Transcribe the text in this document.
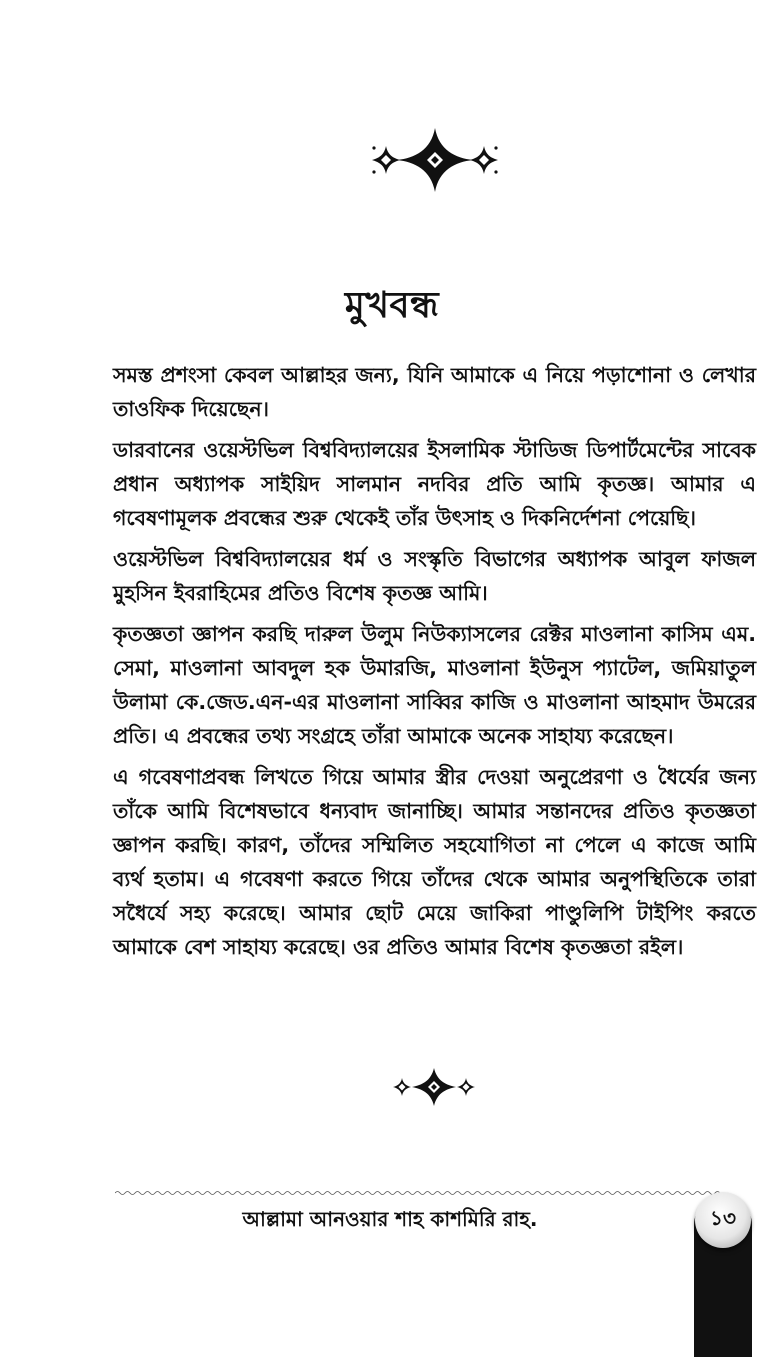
মুখবন্ধ

সমস্ত প্রশংসা কেবল আল্লাহর জন্য, যিনি আমাকে এ নিয়ে পড়াশোনা ও লেখার তাওফিক দিয়েছেন।

ডারবানের ওয়েস্টভিল বিশ্ববিদ্যালয়ের ইসলামিক স্টাডিজ ডিপার্টমেন্টের সাবেক প্রধান অধ্যাপক সাইয়িদ সালমান নদবির প্রতি আমি কৃতজ্ঞ। আমার এ গবেষণামূলক প্রবন্ধের শুরু থেকেই তাঁর উৎসাহ ও দিকনির্দেশনা পেয়েছি।

ওয়েস্টভিল বিশ্ববিদ্যালয়ের ধর্ম ও সংস্কৃতি বিভাগের অধ্যাপক আবুল ফাজল মুহসিন ইবরাহিমের প্রতিও বিশেষ কৃতজ্ঞ আমি।

কৃতজ্ঞতা জ্ঞাপন করছি দারুল উলুম নিউক্যাসলের রেক্টর মাওলানা কাসিম এম. সেমা, মাওলানা আবদুল হক উমারজি, মাওলানা ইউনুস প্যাটেল, জমিয়াতুল উলামা কে.জেড.এন-এর মাওলানা সাব্বির কাজি ও মাওলানা আহমাদ উমরের প্রতি। এ প্রবন্ধের তথ্য সংগ্রহে তাঁরা আমাকে অনেক সাহায্য করেছেন।

এ গবেষণাপ্রবন্ধ লিখতে গিয়ে আমার স্ত্রীর দেওয়া অনুপ্রেরণা ও ধৈর্যের জন্য তাঁকে আমি বিশেষভাবে ধন্যবাদ জানাচ্ছি। আমার সন্তানদের প্রতিও কৃতজ্ঞতা জ্ঞাপন করছি। কারণ, তাঁদের সম্মিলিত সহযোগিতা না পেলে এ কাজে আমি ব্যর্থ হতাম। এ গবেষণা করতে গিয়ে তাঁদের থেকে আমার অনুপস্থিতিকে তারা সধৈর্যে সহ্য করেছে। আমার ছোট মেয়ে জাকিরা পাণ্ডুলিপি টাইপিং করতে আমাকে বেশ সাহায্য করেছে। ওর প্রতিও আমার বিশেষ কৃতজ্ঞতা রইল।

আল্লামা আনওয়ার শাহ কাশমিরি রাহ.	১৩
